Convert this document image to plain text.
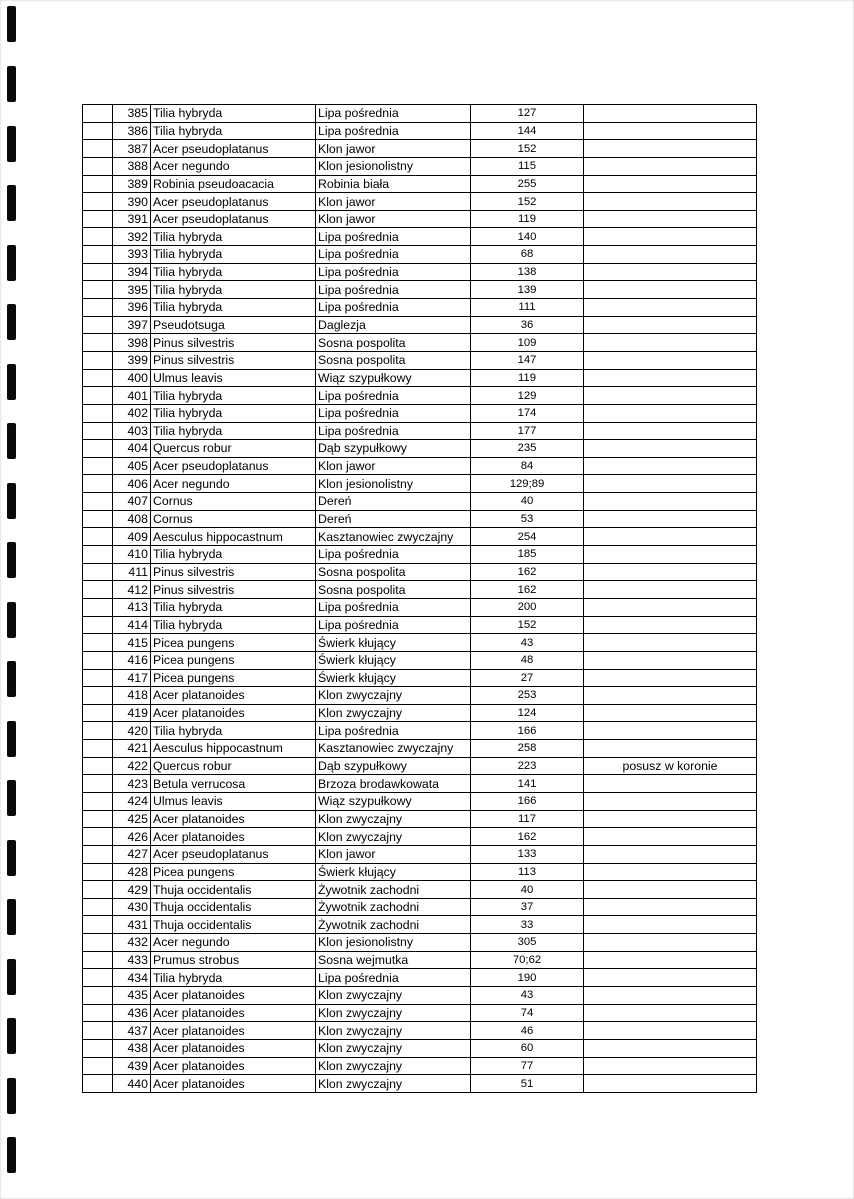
	385	Tilia hybryda	Lipa pośrednia	127	
	386	Tilia hybryda	Lipa pośrednia	144	
	387	Acer pseudoplatanus	Klon jawor	152	
	388	Acer negundo	Klon jesionolistny	115	
	389	Robinia pseudoacacia	Robinia biała	255	
	390	Acer pseudoplatanus	Klon jawor	152	
	391	Acer pseudoplatanus	Klon jawor	119	
	392	Tilia hybryda	Lipa pośrednia	140	
	393	Tilia hybryda	Lipa pośrednia	68	
	394	Tilia hybryda	Lipa pośrednia	138	
	395	Tilia hybryda	Lipa pośrednia	139	
	396	Tilia hybryda	Lipa pośrednia	111	
	397	Pseudotsuga	Daglezja	36	
	398	Pinus silvestris	Sosna pospolita	109	
	399	Pinus silvestris	Sosna pospolita	147	
	400	Ulmus leavis	Wiąz szypułkowy	119	
	401	Tilia hybryda	Lipa pośrednia	129	
	402	Tilia hybryda	Lipa pośrednia	174	
	403	Tilia hybryda	Lipa pośrednia	177	
	404	Quercus robur	Dąb szypułkowy	235	
	405	Acer pseudoplatanus	Klon jawor	84	
	406	Acer negundo	Klon jesionolistny	129;89	
	407	Cornus	Dereń	40	
	408	Cornus	Dereń	53	
	409	Aesculus hippocastnum	Kasztanowiec zwyczajny	254	
	410	Tilia hybryda	Lipa pośrednia	185	
	411	Pinus silvestris	Sosna pospolita	162	
	412	Pinus silvestris	Sosna pospolita	162	
	413	Tilia hybryda	Lipa pośrednia	200	
	414	Tilia hybryda	Lipa pośrednia	152	
	415	Picea pungens	Świerk kłujący	43	
	416	Picea pungens	Świerk kłujący	48	
	417	Picea pungens	Świerk kłujący	27	
	418	Acer platanoides	Klon zwyczajny	253	
	419	Acer platanoides	Klon zwyczajny	124	
	420	Tilia hybryda	Lipa pośrednia	166	
	421	Aesculus hippocastnum	Kasztanowiec zwyczajny	258	
	422	Quercus robur	Dąb szypułkowy	223	posusz w koronie
	423	Betula verrucosa	Brzoza brodawkowata	141	
	424	Ulmus leavis	Wiąz szypułkowy	166	
	425	Acer platanoides	Klon zwyczajny	117	
	426	Acer platanoides	Klon zwyczajny	162	
	427	Acer pseudoplatanus	Klon jawor	133	
	428	Picea pungens	Świerk kłujący	113	
	429	Thuja occidentalis	Żywotnik zachodni	40	
	430	Thuja occidentalis	Żywotnik zachodni	37	
	431	Thuja occidentalis	Żywotnik zachodni	33	
	432	Acer negundo	Klon jesionolistny	305	
	433	Prumus strobus	Sosna wejmutka	70;62	
	434	Tilia hybryda	Lipa pośrednia	190	
	435	Acer platanoides	Klon zwyczajny	43	
	436	Acer platanoides	Klon zwyczajny	74	
	437	Acer platanoides	Klon zwyczajny	46	
	438	Acer platanoides	Klon zwyczajny	60	
	439	Acer platanoides	Klon zwyczajny	77	
	440	Acer platanoides	Klon zwyczajny	51	
